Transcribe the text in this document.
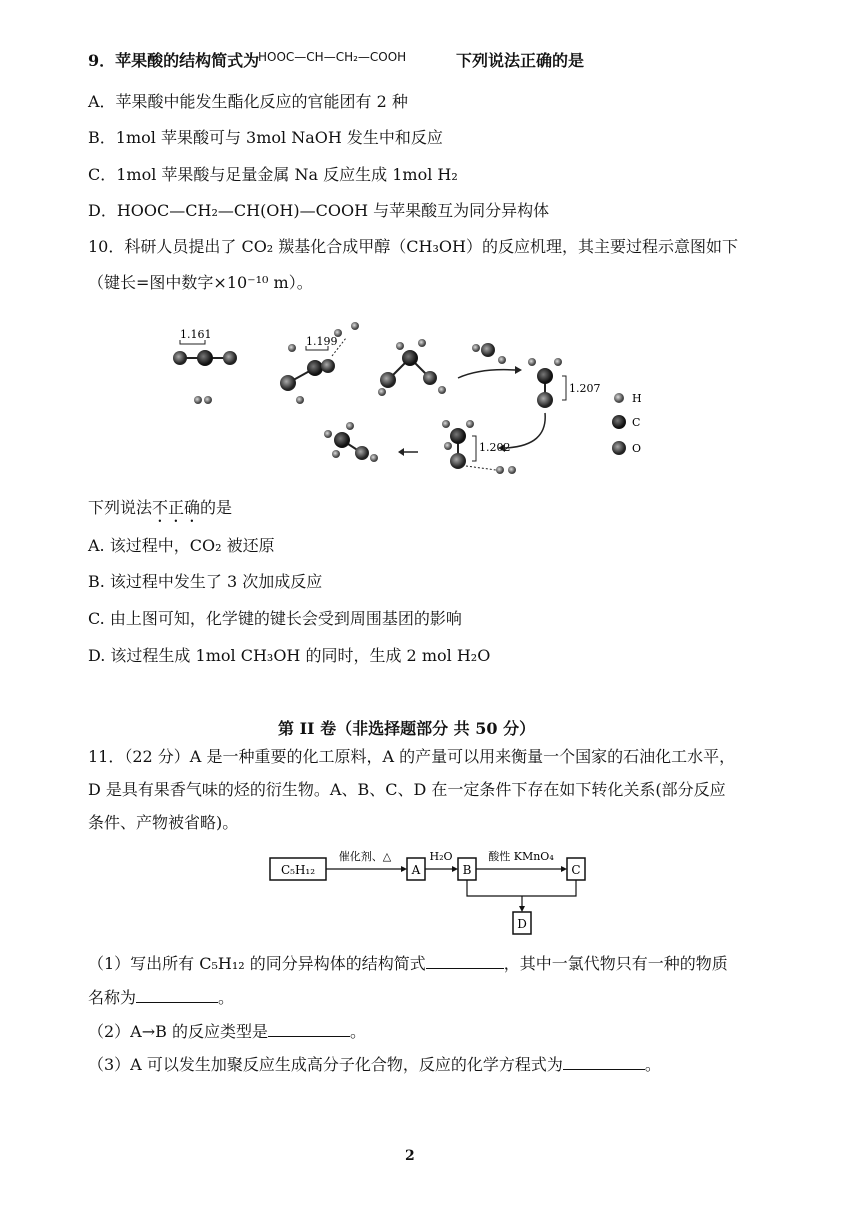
9．苹果酸的结构简式为
HOOC—CH—CH₂—COOH	下列说法正确的是
A．苹果酸中能发生酯化反应的官能团有 2 种
B．1mol 苹果酸可与 3mol NaOH 发生中和反应
C．1mol 苹果酸与足量金属 Na 反应生成 1mol H₂
D．HOOC—CH₂—CH(OH)—COOH 与苹果酸互为同分异构体
10．科研人员提出了 CO₂ 羰基化合成甲醇（CH₃OH）的反应机理，其主要过程示意图如下
（键长=图中数字×10⁻¹⁰ m）。
1.161
1.199
1.207
1.202
H
C
O
下列说法不正确的是
A. 该过程中，CO₂ 被还原
B. 该过程中发生了 3 次加成反应
C. 由上图可知，化学键的键长会受到周围基团的影响
D. 该过程生成 1mol CH₃OH 的同时，生成 2 mol H₂O
第 II 卷（非选择题部分 共 50 分）
11．（22 分）A 是一种重要的化工原料，A 的产量可以用来衡量一个国家的石油化工水平，
D 是具有果香气味的烃的衍生物。A、B、C、D 在一定条件下存在如下转化关系(部分反应
条件、产物被省略)。
C₅H₁₂
催化剂、△
A
H₂O
B
酸性 KMnO₄
C
D
（1）写出所有 C₅H₁₂ 的同分异构体的结构简式	，其中一氯代物只有一种的物质
名称为	。
（2）A→B 的反应类型是	。
（3）A 可以发生加聚反应生成高分子化合物，反应的化学方程式为	。
2
